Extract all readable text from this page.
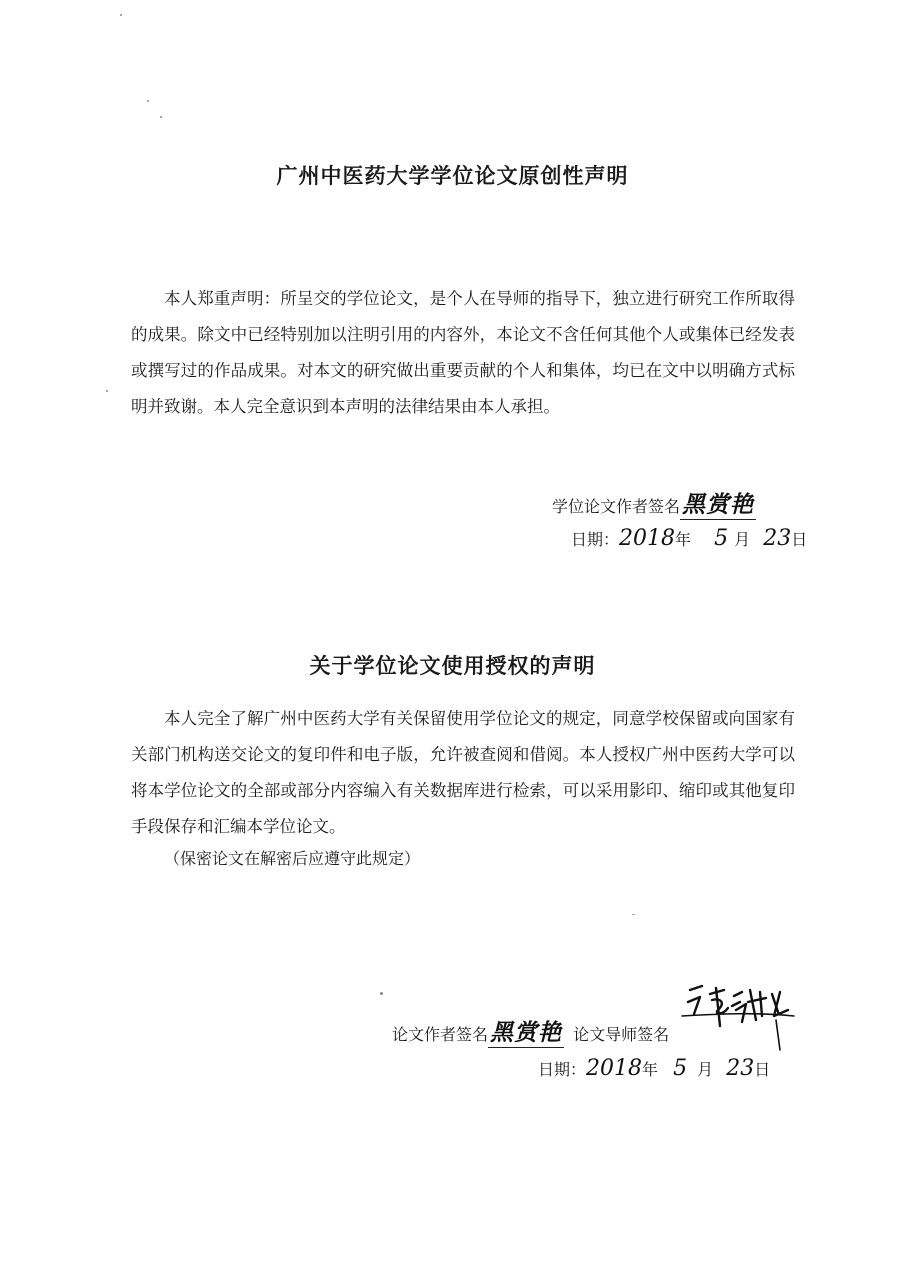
广州中医药大学学位论文原创性声明

本人郑重声明：所呈交的学位论文，是个人在导师的指导下，独立进行研究工作所取得的成果。除文中已经特别加以注明引用的内容外，本论文不含任何其他个人或集体已经发表或撰写过的作品成果。对本文的研究做出重要贡献的个人和集体，均已在文中以明确方式标明并致谢。本人完全意识到本声明的法律结果由本人承担。

学位论文作者签名黑赏艳
日期：2018年 5 月 23日
关于学位论文使用授权的声明

本人完全了解广州中医药大学有关保留使用学位论文的规定，同意学校保留或向国家有关部门机构送交论文的复印件和电子版，允许被查阅和借阅。本人授权广州中医药大学可以将本学位论文的全部或部分内容编入有关数据库进行检索，可以采用影印、缩印或其他复印手段保存和汇编本学位论文。

（保密论文在解密后应遵守此规定）

论文作者签名黑赏艳 论文导师签名
日期：2018年 5 月 23日
